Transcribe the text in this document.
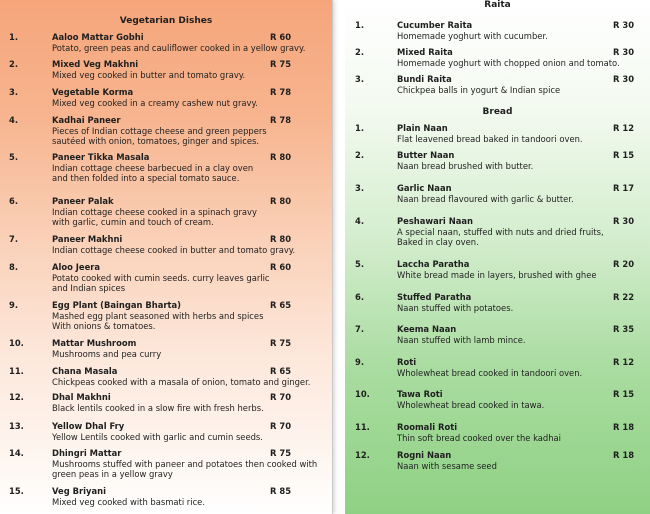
Vegetarian Dishes
1.	Aaloo Mattar Gobhi	R 60
Potato, green peas and cauliflower cooked in a yellow gravy.
2.	Mixed Veg Makhni	R 75
Mixed veg cooked in butter and tomato gravy.
3.	Vegetable Korma	R 78
Mixed veg cooked in a creamy cashew nut gravy.
4.	Kadhai Paneer	R 78
Pieces of Indian cottage cheese and green peppers
sautéed with onion, tomatoes, ginger and spices.
5.	Paneer Tikka Masala	R 80
Indian cottage cheese barbecued in a clay oven
and then folded into a special tomato sauce.
6.	Paneer Palak	R 80
Indian cottage cheese cooked in a spinach gravy
with garlic, cumin and touch of cream.
7.	Paneer Makhni	R 80
Indian cottage cheese cooked in butter and tomato gravy.
8.	Aloo Jeera	R 60
Potato cooked with cumin seeds. curry leaves garlic
and Indian spices
9.	Egg Plant (Baingan Bharta)	R 65
Mashed egg plant seasoned with herbs and spices
With onions & tomatoes.
10.	Mattar Mushroom	R 75
Mushrooms and pea curry
11.	Chana Masala	R 65
Chickpeas cooked with a masala of onion, tomato and ginger.
12.	Dhal Makhni	R 70
Black lentils cooked in a slow fire with fresh herbs.
13.	Yellow Dhal Fry	R 70
Yellow Lentils cooked with garlic and cumin seeds.
14.	Dhingri Mattar	R 75
Mushrooms stuffed with paneer and potatoes then cooked with
green peas in a yellow gravy
15.	Veg Briyani	R 85
Mixed veg cooked with basmati rice.
Raita
1.	Cucumber Raita	R 30
Homemade yoghurt with cucumber.
2.	Mixed Raita	R 30
Homemade yoghurt with chopped onion and tomato.
3.	Bundi Raita	R 30
Chickpea balls in yogurt & Indian spice
Bread
1.	Plain Naan	R 12
Flat leavened bread baked in tandoori oven.
2.	Butter Naan	R 15
Naan bread brushed with butter.
3.	Garlic Naan	R 17
Naan bread flavoured with garlic & butter.
4.	Peshawari Naan	R 30
A special naan, stuffed with nuts and dried fruits,
Baked in clay oven.
5.	Laccha Paratha	R 20
White bread made in layers, brushed with ghee
6.	Stuffed Paratha	R 22
Naan stuffed with potatoes.
7.	Keema Naan	R 35
Naan stuffed with lamb mince.
9.	Roti	R 12
Wholewheat bread cooked in tandoori oven.
10.	Tawa Roti	R 15
Wholewheat bread cooked in tawa.
11.	Roomali Roti	R 18
Thin soft bread cooked over the kadhai
12.	Rogni Naan	R 18
Naan with sesame seed
